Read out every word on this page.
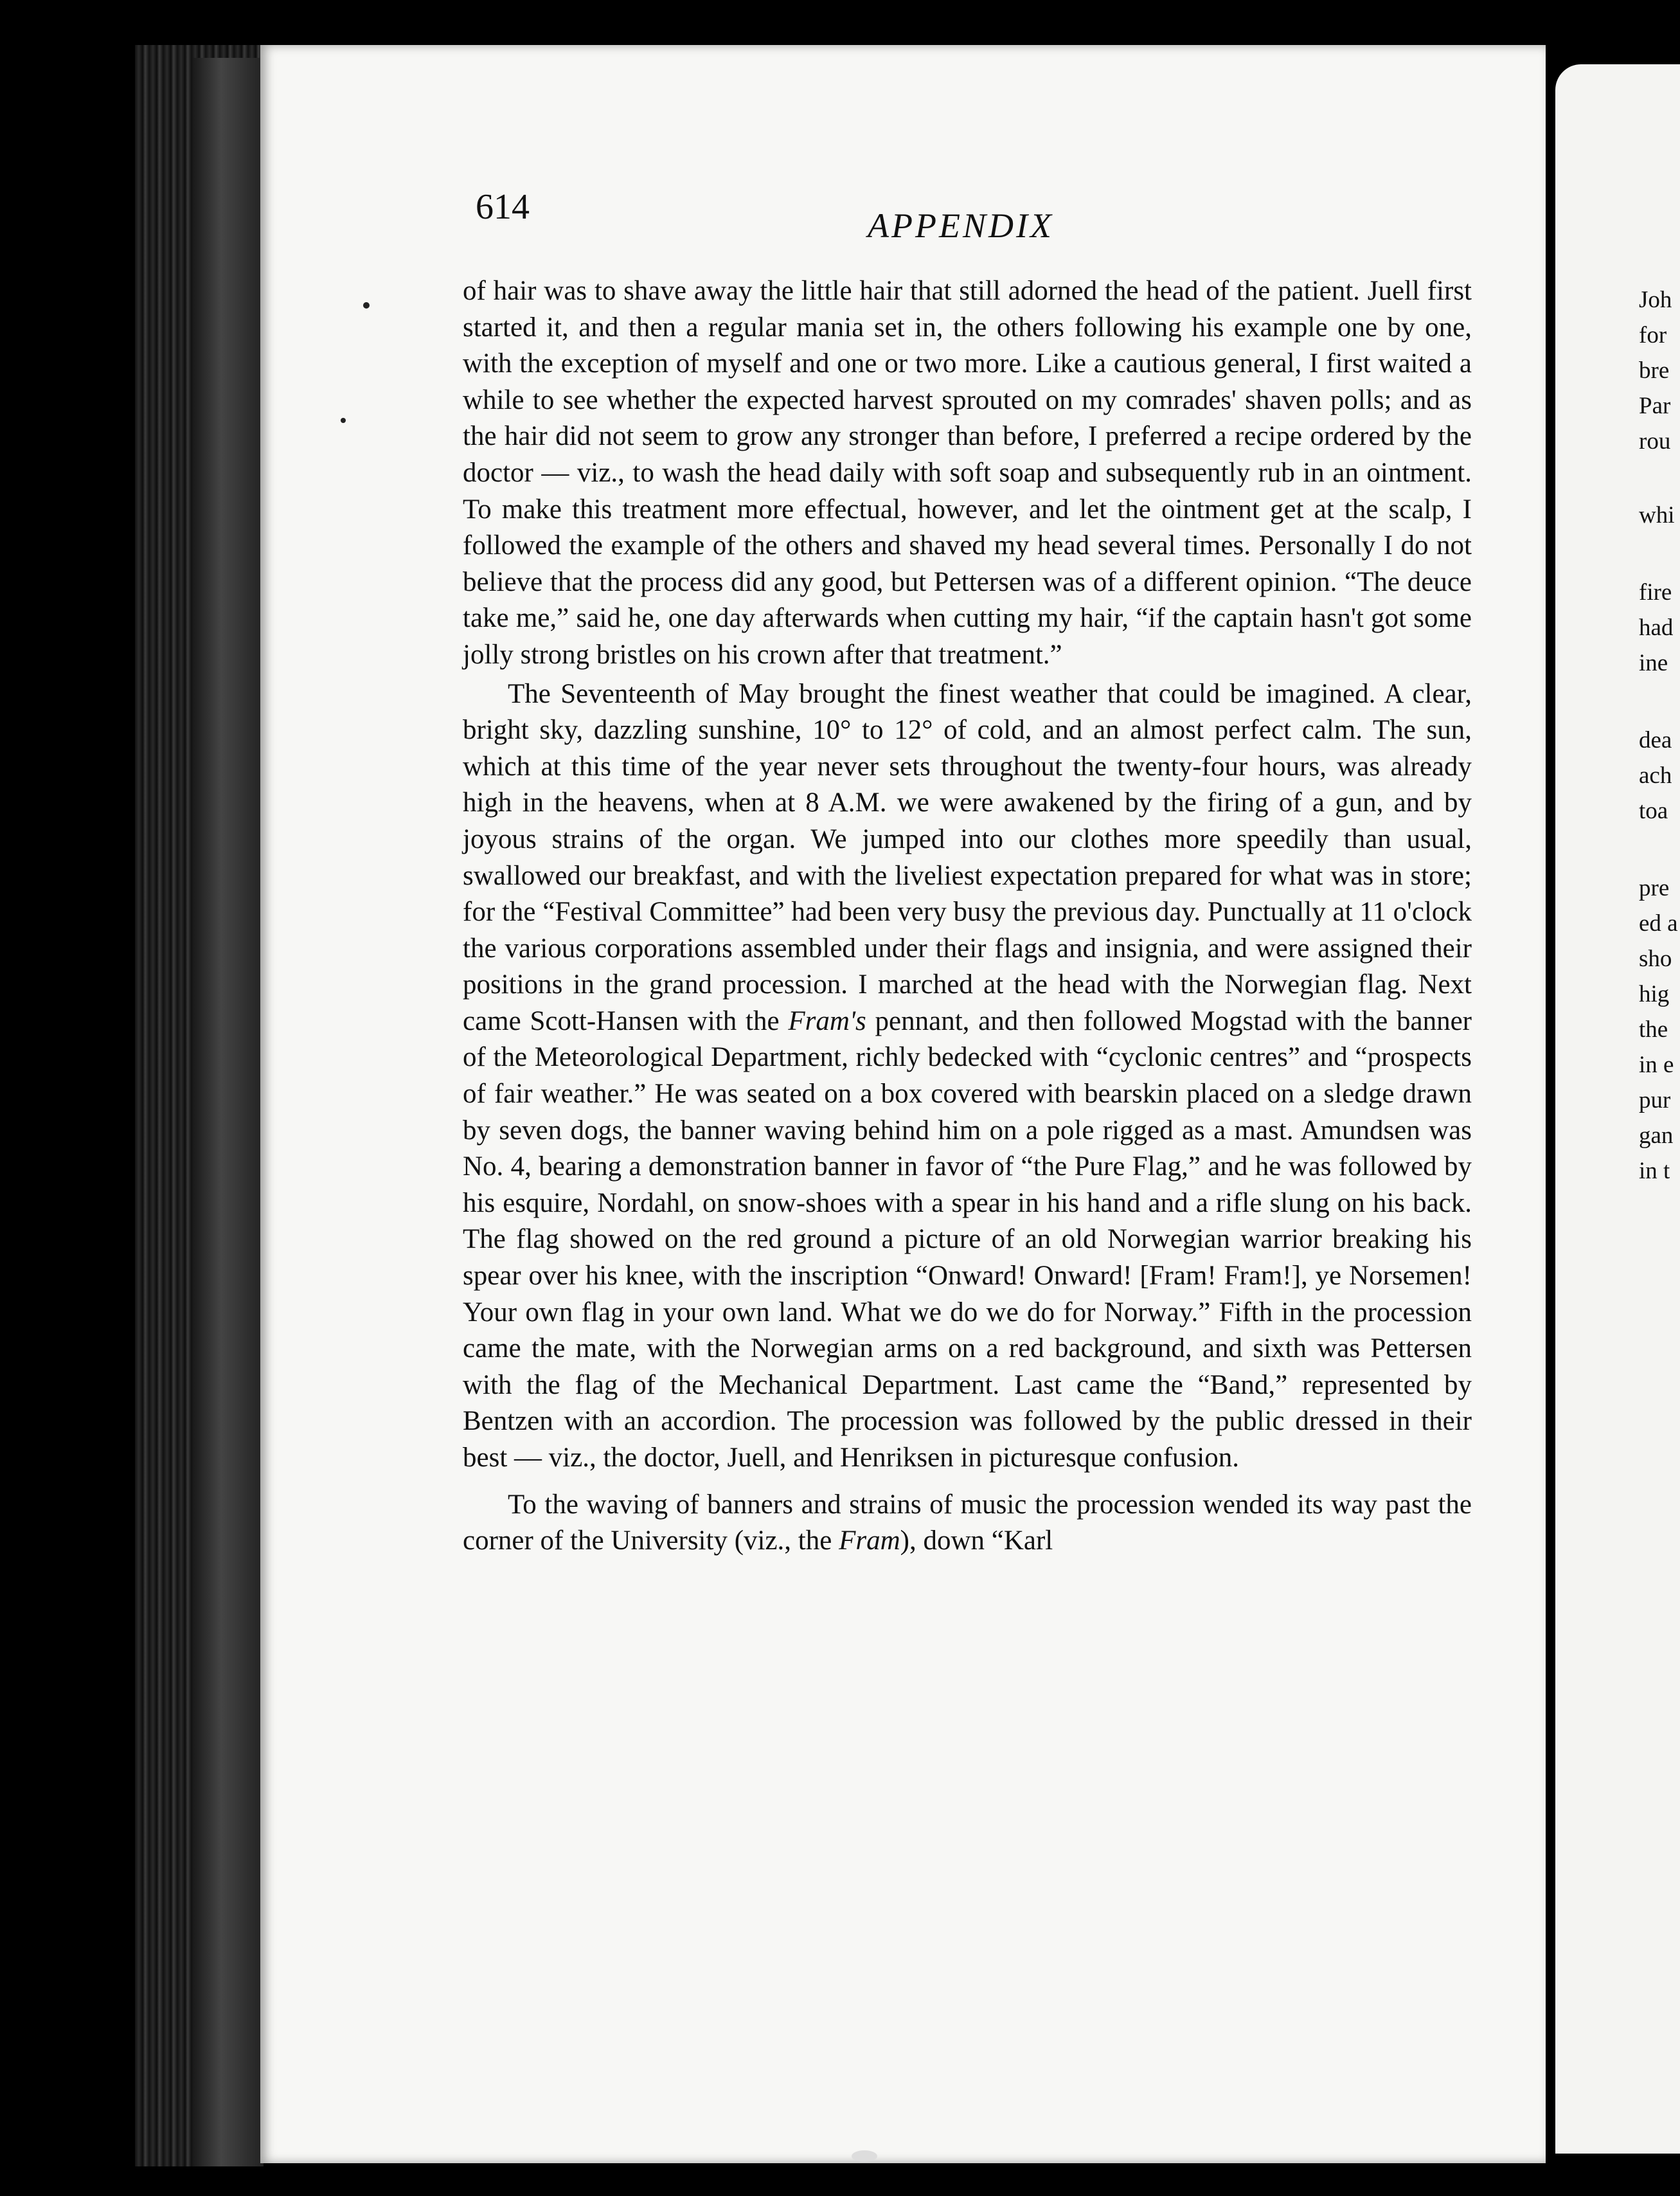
614	APPENDIX

of hair was to shave away the little hair that still adorned the head of the patient. Juell first started it, and then a regular mania set in, the others following his example one by one, with the exception of myself and one or two more. Like a cautious general, I first waited a while to see whether the expected harvest sprouted on my comrades' shaven polls; and as the hair did not seem to grow any stronger than before, I preferred a recipe ordered by the doctor — viz., to wash the head daily with soft soap and subsequently rub in an ointment. To make this treatment more effectual, however, and let the ointment get at the scalp, I followed the example of the others and shaved my head several times. Personally I do not believe that the process did any good, but Pettersen was of a different opinion. “The deuce take me,” said he, one day afterwards when cutting my hair, “if the captain hasn't got some jolly strong bristles on his crown after that treatment.”

The Seventeenth of May brought the finest weather that could be imagined. A clear, bright sky, dazzling sunshine, 10° to 12° of cold, and an almost perfect calm. The sun, which at this time of the year never sets throughout the twenty-four hours, was already high in the heavens, when at 8 A.M. we were awakened by the firing of a gun, and by joyous strains of the organ. We jumped into our clothes more speedily than usual, swallowed our breakfast, and with the liveliest expectation prepared for what was in store; for the “Festival Committee” had been very busy the previous day. Punctually at 11 o'clock the various corporations assembled under their flags and insignia, and were assigned their positions in the grand procession. I marched at the head with the Norwegian flag. Next came Scott-Hansen with the Fram's pennant, and then followed Mogstad with the banner of the Meteorological Department, richly bedecked with “cyclonic centres” and “prospects of fair weather.” He was seated on a box covered with bearskin placed on a sledge drawn by seven dogs, the banner waving behind him on a pole rigged as a mast. Amundsen was No. 4, bearing a demonstration banner in favor of “the Pure Flag,” and he was followed by his esquire, Nordahl, on snow-shoes with a spear in his hand and a rifle slung on his back. The flag showed on the red ground a picture of an old Norwegian warrior breaking his spear over his knee, with the inscription “Onward! Onward! [Fram! Fram!], ye Norsemen! Your own flag in your own land. What we do we do for Norway.” Fifth in the procession came the mate, with the Norwegian arms on a red background, and sixth was Pettersen with the flag of the Mechanical Department. Last came the “Band,” represented by Bentzen with an accordion. The procession was followed by the public dressed in their best — viz., the doctor, Juell, and Henriksen in picturesque confusion.

To the waving of banners and strains of music the procession wended its way past the corner of the University (viz., the Fram), down “Karl

Joh
for
bre
Par
rou
whi
fire
had
ine
dea
ach
toa
pre
ed a
sho
hig
the
in e
pur
gan
in t
